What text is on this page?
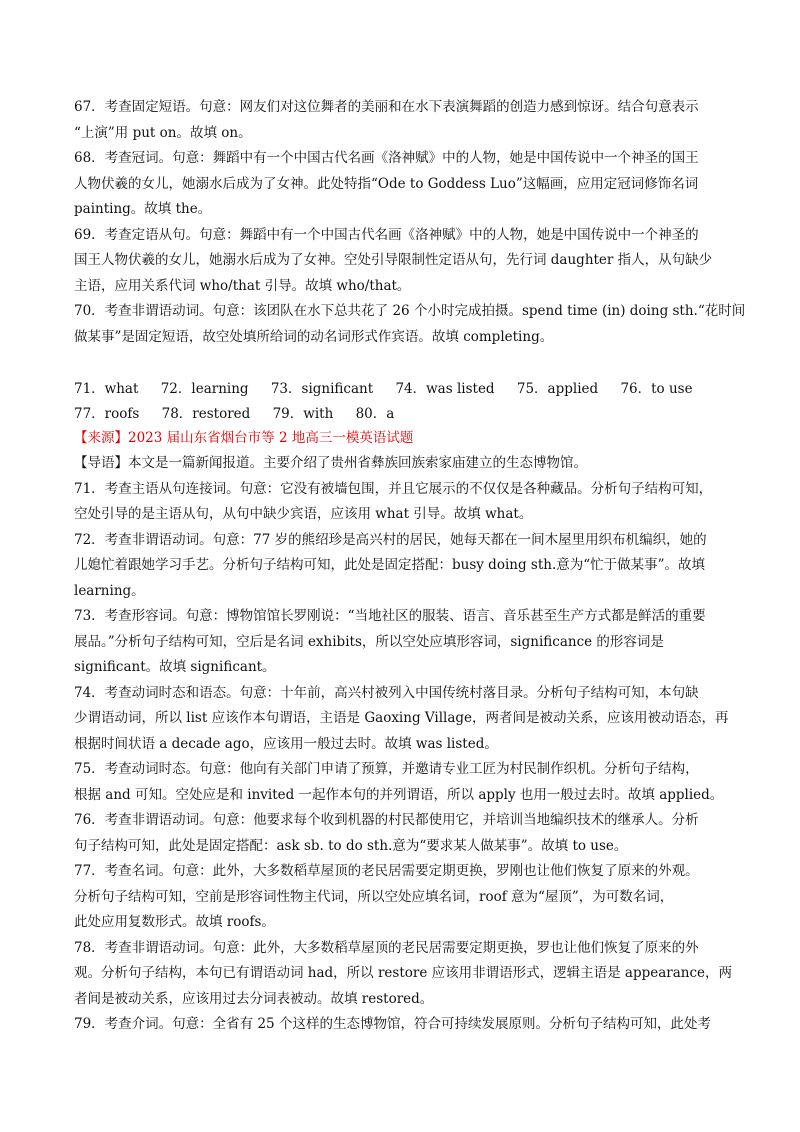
67．考查固定短语。句意：网友们对这位舞者的美丽和在水下表演舞蹈的创造力感到惊讶。结合句意表示
“上演”用 put on。故填 on。
68．考查冠词。句意：舞蹈中有一个中国古代名画《洛神赋》中的人物，她是中国传说中一个神圣的国王
人物伏羲的女儿，她溺水后成为了女神。此处特指“Ode to Goddess Luo”这幅画，应用定冠词修饰名词
painting。故填 the。
69．考查定语从句。句意：舞蹈中有一个中国古代名画《洛神赋》中的人物，她是中国传说中一个神圣的
国王人物伏羲的女儿，她溺水后成为了女神。空处引导限制性定语从句，先行词 daughter 指人，从句缺少
主语，应用关系代词 who/that 引导。故填 who/that。
70．考查非谓语动词。句意：该团队在水下总共花了 26 个小时完成拍摄。spend time (in) doing sth.“花时间
做某事”是固定短语，故空处填所给词的动名词形式作宾语。故填 completing。
71．what 72．learning 73．significant 74．was listed 75．applied 76．to use 77．roofs 78．restored 79．with 80．a
【来源】2023 届山东省烟台市等 2 地高三一模英语试题
【导语】本文是一篇新闻报道。主要介绍了贵州省彝族回族索家庙建立的生态博物馆。
71．考查主语从句连接词。句意：它没有被墙包围，并且它展示的不仅仅是各种藏品。分析句子结构可知，
空处引导的是主语从句，从句中缺少宾语，应该用 what 引导。故填 what。
72．考查非谓语动词。句意：77 岁的熊绍珍是高兴村的居民，她每天都在一间木屋里用织布机编织，她的
儿媳忙着跟她学习手艺。分析句子结构可知，此处是固定搭配：busy doing sth.意为“忙于做某事”。故填
learning。
73．考查形容词。句意：博物馆馆长罗刚说：“当地社区的服装、语言、音乐甚至生产方式都是鲜活的重要
展品。”分析句子结构可知，空后是名词 exhibits，所以空处应填形容词，significance 的形容词是
significant。故填 significant。
74．考查动词时态和语态。句意：十年前，高兴村被列入中国传统村落目录。分析句子结构可知，本句缺
少谓语动词，所以 list 应该作本句谓语，主语是 Gaoxing Village，两者间是被动关系，应该用被动语态，再
根据时间状语 a decade ago，应该用一般过去时。故填 was listed。
75．考查动词时态。句意：他向有关部门申请了预算，并邀请专业工匠为村民制作织机。分析句子结构，
根据 and 可知。空处应是和 invited 一起作本句的并列谓语，所以 apply 也用一般过去时。故填 applied。
76．考查非谓语动词。句意：他要求每个收到机器的村民都使用它，并培训当地编织技术的继承人。分析
句子结构可知，此处是固定搭配：ask sb. to do sth.意为“要求某人做某事”。故填 to use。
77．考查名词。句意：此外，大多数稻草屋顶的老民居需要定期更换，罗刚也让他们恢复了原来的外观。
分析句子结构可知，空前是形容词性物主代词，所以空处应填名词，roof 意为“屋顶”，为可数名词，
此处应用复数形式。故填 roofs。
78．考查非谓语动词。句意：此外，大多数稻草屋顶的老民居需要定期更换，罗也让他们恢复了原来的外
观。分析句子结构，本句已有谓语动词 had，所以 restore 应该用非谓语形式，逻辑主语是 appearance，两
者间是被动关系，应该用过去分词表被动。故填 restored。
79．考查介词。句意：全省有 25 个这样的生态博物馆，符合可持续发展原则。分析句子结构可知，此处考
